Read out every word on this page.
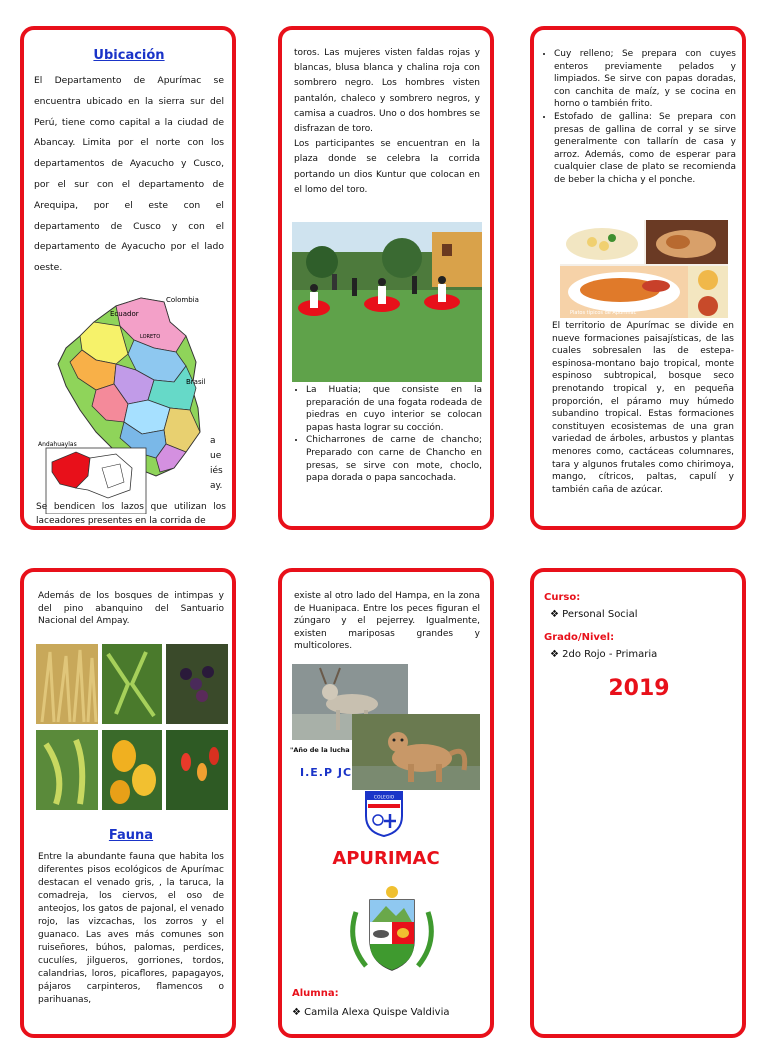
Ubicación

El Departamento de Apurímac se encuentra ubicado en la sierra sur del Perú, tiene como capital a la ciudad de Abancay. Limita por el norte con los departamentos de Ayacucho y Cusco, por el sur con el departamento de Arequipa, por el este con el departamento de Cusco y con el departamento de Ayacucho por el lado oeste.

Ecuador
Colombia
Brasil
LORETO
Andahuaylas	a
ue
iés
ay.

Se bendicen los lazos que utilizan los laceadores presentes en la corrida de

toros. Las mujeres visten faldas rojas y blancas, blusa blanca y chalina roja con sombrero negro. Los hombres visten pantalón, chaleco y sombrero negros, y camisa a cuadros. Uno o dos hombres se disfrazan de toro.

Los participantes se encuentran en la plaza donde se celebra la corrida portando un dios Kuntur que colocan en el lomo del toro.

• La Huatia; que consiste en la preparación de una fogata rodeada de piedras en cuyo interior se colocan papas hasta lograr su cocción.
• Chicharrones de carne de chancho; Preparado con carne de Chancho en presas, se sirve con mote, choclo, papa dorada o papa sancochada.
• Cuy relleno; Se prepara con cuyes enteros previamente pelados y limpiados. Se sirve con papas doradas, con canchita de maíz, y se cocina en horno o también frito.
• Estofado de gallina: Se prepara con presas de gallina de corral y se sirve generalmente con tallarín de casa y arroz. Además, como de esperar para cualquier clase de plato se recomienda de beber la chicha y el ponche.
Platos típicos de Apurímac

El territorio de Apurímac se divide en nueve formaciones paisajísticas, de las cuales sobresalen las de estepa-espinosa-montano bajo tropical, monte espinoso subtropical, bosque seco prenotando tropical y, en pequeña proporción, el páramo muy húmedo subandino tropical. Estas formaciones constituyen ecosistemas de una gran variedad de árboles, arbustos y plantas menores como, cactáceas columnares, tara y algunos frutales como chirimoya, mango, cítricos, paltas, capulí y también caña de azúcar.

Además de los bosques de intimpas y del pino abanquino del Santuario Nacional del Ampay.

Fauna

Entre la abundante fauna que habita los diferentes pisos ecológicos de Apurímac destacan el venado gris, , la taruca, la comadreja, los ciervos, el oso de anteojos, los gatos de pajonal, el venado rojo, las vizcachas, los zorros y el guanaco. Las aves más comunes son ruiseñores, búhos, palomas, perdices, cuculíes, jilgueros, gorriones, tordos, calandrias, loros, picaflores, papagayos, pájaros carpinteros, flamencos o parihuanas,

existe al otro lado del Hampa, en la zona de Huanipaca. Entre los peces figuran el zúngaro y el pejerrey. Igualmente, existen mariposas grandes y multicolores.

"Año de la lucha
I.E.P JC
COLEGIO
APURIMAC
Alumna:
❖ Camila Alexa Quispe Valdivia
Curso:
❖ Personal Social
Grado/Nivel:
❖ 2do Rojo - Primaria
2019
